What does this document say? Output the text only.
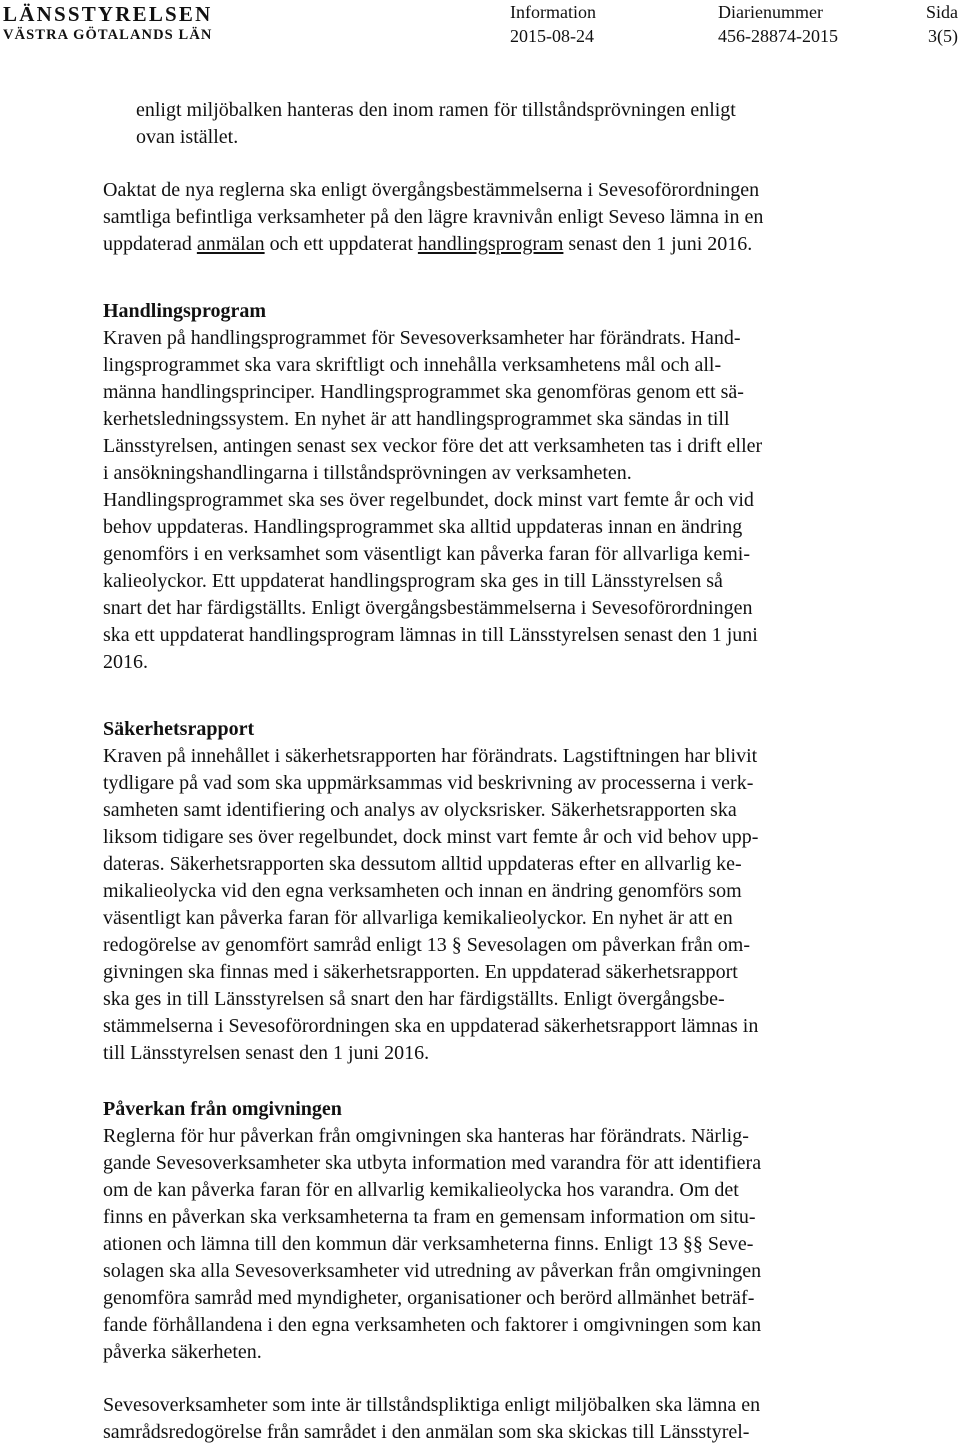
LÄNSSTYRELSEN
VÄSTRA GÖTALANDS LÄN
Information
2015-08-24
Diarienummer
456-28874-2015
Sida
3(5)
enligt miljöbalken hanteras den inom ramen för tillståndsprövningen enligt
ovan istället.
Oaktat de nya reglerna ska enligt övergångsbestämmelserna i Sevesoförordningen
samtliga befintliga verksamheter på den lägre kravnivån enligt Seveso lämna in en
uppdaterad anmälan och ett uppdaterat handlingsprogram senast den 1 juni 2016.
Handlingsprogram
Kraven på handlingsprogrammet för Sevesoverksamheter har förändrats. Hand-
lingsprogrammet ska vara skriftligt och innehålla verksamhetens mål och all-
männa handlingsprinciper. Handlingsprogrammet ska genomföras genom ett sä-
kerhetsledningssystem. En nyhet är att handlingsprogrammet ska sändas in till
Länsstyrelsen, antingen senast sex veckor före det att verksamheten tas i drift eller
i ansökningshandlingarna i tillståndsprövningen av verksamheten.
Handlingsprogrammet ska ses över regelbundet, dock minst vart femte år och vid
behov uppdateras. Handlingsprogrammet ska alltid uppdateras innan en ändring
genomförs i en verksamhet som väsentligt kan påverka faran för allvarliga kemi-
kalieolyckor. Ett uppdaterat handlingsprogram ska ges in till Länsstyrelsen så
snart det har färdigställts. Enligt övergångsbestämmelserna i Sevesoförordningen
ska ett uppdaterat handlingsprogram lämnas in till Länsstyrelsen senast den 1 juni
2016.
Säkerhetsrapport
Kraven på innehållet i säkerhetsrapporten har förändrats. Lagstiftningen har blivit
tydligare på vad som ska uppmärksammas vid beskrivning av processerna i verk-
samheten samt identifiering och analys av olycksrisker. Säkerhetsrapporten ska
liksom tidigare ses över regelbundet, dock minst vart femte år och vid behov upp-
dateras. Säkerhetsrapporten ska dessutom alltid uppdateras efter en allvarlig ke-
mikalieolycka vid den egna verksamheten och innan en ändring genomförs som
väsentligt kan påverka faran för allvarliga kemikalieolyckor. En nyhet är att en
redogörelse av genomfört samråd enligt 13 § Sevesolagen om påverkan från om-
givningen ska finnas med i säkerhetsrapporten. En uppdaterad säkerhetsrapport
ska ges in till Länsstyrelsen så snart den har färdigställts. Enligt övergångsbe-
stämmelserna i Sevesoförordningen ska en uppdaterad säkerhetsrapport lämnas in
till Länsstyrelsen senast den 1 juni 2016.
Påverkan från omgivningen
Reglerna för hur påverkan från omgivningen ska hanteras har förändrats. Närlig-
gande Sevesoverksamheter ska utbyta information med varandra för att identifiera
om de kan påverka faran för en allvarlig kemikalieolycka hos varandra. Om det
finns en påverkan ska verksamheterna ta fram en gemensam information om situ-
ationen och lämna till den kommun där verksamheterna finns. Enligt 13 §§ Seve-
solagen ska alla Sevesoverksamheter vid utredning av påverkan från omgivningen
genomföra samråd med myndigheter, organisationer och berörd allmänhet beträf-
fande förhållandena i den egna verksamheten och faktorer i omgivningen som kan
påverka säkerheten.
Sevesoverksamheter som inte är tillståndspliktiga enligt miljöbalken ska lämna en
samrådsredogörelse från samrådet i den anmälan som ska skickas till Länsstyrel-
